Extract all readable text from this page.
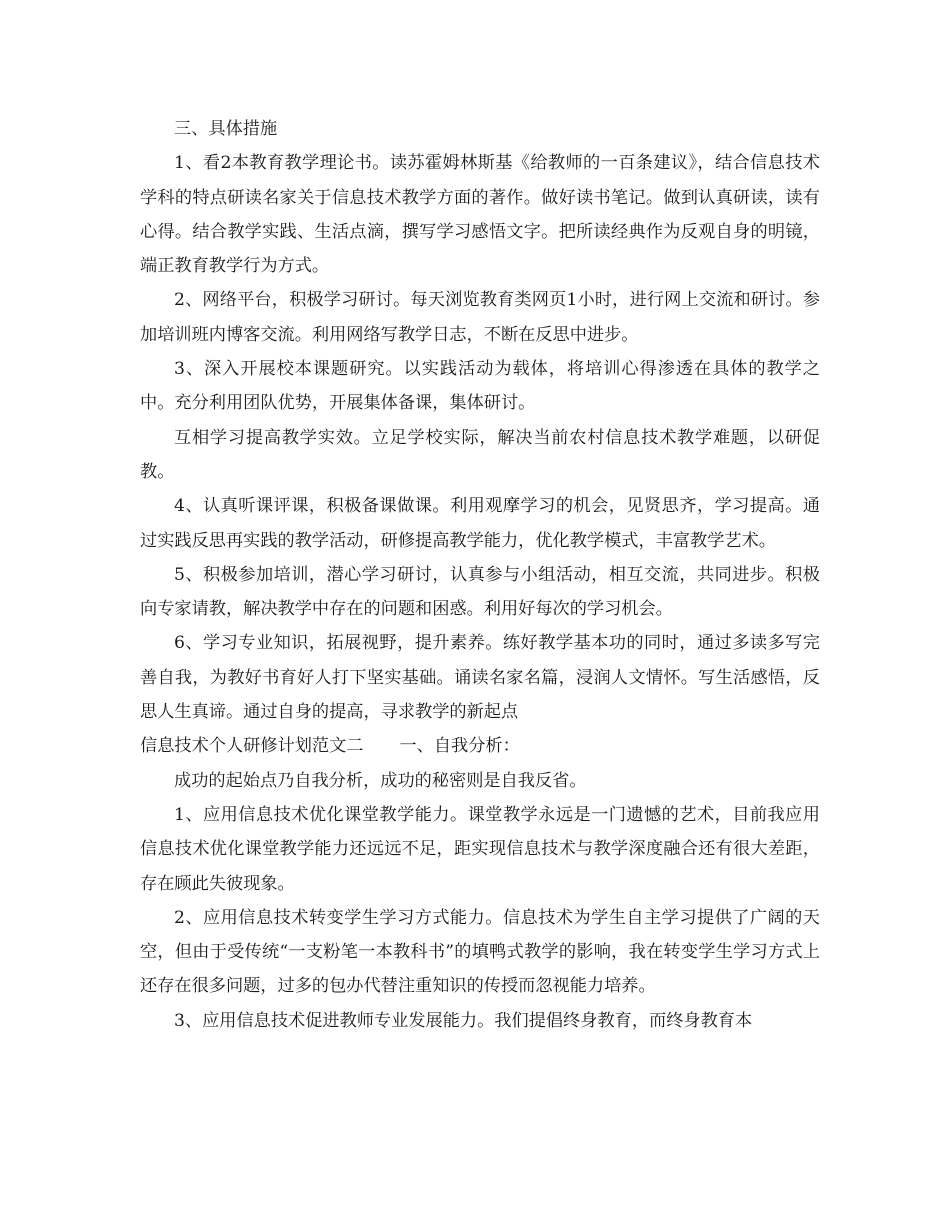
三、具体措施

1、看2本教育教学理论书。读苏霍姆林斯基《给教师的一百条建议》，结合信息技术学科的特点研读名家关于信息技术教学方面的著作。做好读书笔记。做到认真研读，读有心得。结合教学实践、生活点滴，撰写学习感悟文字。把所读经典作为反观自身的明镜，端正教育教学行为方式。

2、网络平台，积极学习研讨。每天浏览教育类网页1小时，进行网上交流和研讨。参加培训班内博客交流。利用网络写教学日志，不断在反思中进步。

3、深入开展校本课题研究。以实践活动为载体，将培训心得渗透在具体的教学之中。充分利用团队优势，开展集体备课，集体研讨。

互相学习提高教学实效。立足学校实际，解决当前农村信息技术教学难题，以研促教。

4、认真听课评课，积极备课做课。利用观摩学习的机会，见贤思齐，学习提高。通过实践反思再实践的教学活动，研修提高教学能力，优化教学模式，丰富教学艺术。

5、积极参加培训，潜心学习研讨，认真参与小组活动，相互交流，共同进步。积极向专家请教，解决教学中存在的问题和困惑。利用好每次的学习机会。

6、学习专业知识，拓展视野，提升素养。练好教学基本功的同时，通过多读多写完善自我，为教好书育好人打下坚实基础。诵读名家名篇，浸润人文情怀。写生活感悟，反思人生真谛。通过自身的提高，寻求教学的新起点

信息技术个人研修计划范文二 一、自我分析：

成功的起始点乃自我分析，成功的秘密则是自我反省。

1、应用信息技术优化课堂教学能力。课堂教学永远是一门遗憾的艺术，目前我应用信息技术优化课堂教学能力还远远不足，距实现信息技术与教学深度融合还有很大差距，存在顾此失彼现象。

2、应用信息技术转变学生学习方式能力。信息技术为学生自主学习提供了广阔的天空，但由于受传统“一支粉笔一本教科书”的填鸭式教学的影响，我在转变学生学习方式上还存在很多问题，过多的包办代替注重知识的传授而忽视能力培养。

3、应用信息技术促进教师专业发展能力。我们提倡终身教育，而终身教育本
